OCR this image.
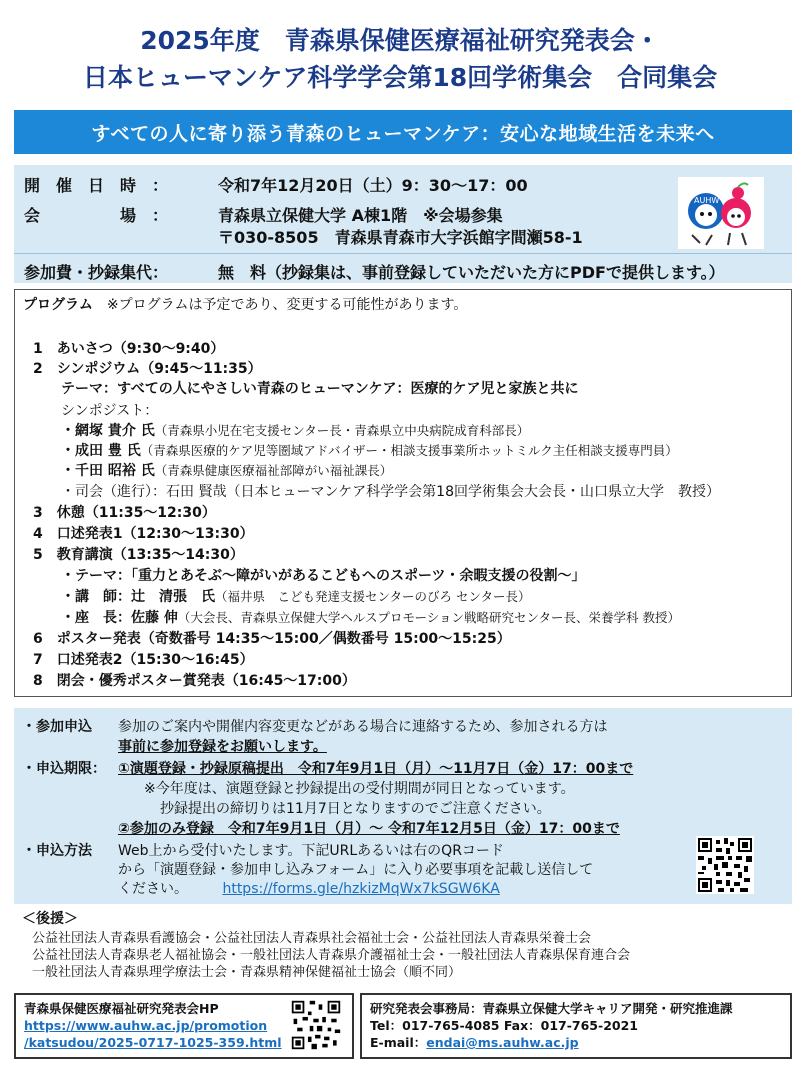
2025年度　青森県保健医療福祉研究発表会・
日本ヒューマンケア科学学会第18回学術集会　合同集会
すべての人に寄り添う青森のヒューマンケア：安心な地域生活を未来へ
開　催　日　時　：	令和7年12月20日（土）9：30～17：00
会　　　　　場　：	青森県立保健大学 A棟1階　※会場参集
〒030-8505　青森県青森市大字浜館字間瀬58-1
参加費・抄録集代：	無　料（抄録集は、事前登録していただいた方にPDFで提供します。）
AUHW
プログラム　 ※プログラムは予定であり、変更する可能性があります。
1　あいさつ（9:30～9:40）
2　シンポジウム（9:45～11:35）
テーマ：すべての人にやさしい青森のヒューマンケア：医療的ケア児と家族と共に
シンポジスト：
・網塚 貴介 氏（青森県小児在宅支援センター長・青森県立中央病院成育科部長）
・成田 豊 氏（青森県医療的ケア児等圏域アドバイザー・相談支援事業所ホットミルク主任相談支援専門員）
・千田 昭裕 氏（青森県健康医療福祉部障がい福祉課長）
・司会（進行）：石田 賢哉（日本ヒューマンケア科学学会第18回学術集会大会長・山口県立大学　教授）
3　休憩（11:35～12:30）
4　口述発表1（12:30～13:30）
5　教育講演（13:35～14:30）
・テーマ：「重力とあそぶ～障がいがあるこどもへのスポーツ・余暇支援の役割～」
・講　師：辻　清張　氏（福井県　こども発達支援センターのびろ センター長）
・座　長：佐藤 伸（大会長、青森県立保健大学ヘルスプロモーション戦略研究センター長、栄養学科 教授）
6　ポスター発表（奇数番号 14:35～15:00／偶数番号 15:00～15:25）
7　口述発表2（15:30～16:45）
8　閉会・優秀ポスター賞発表（16:45～17:00）
・参加申込 参加のご案内や開催内容変更などがある場合に連絡するため、参加される方は
事前に参加登録をお願いします。
・申込期限： ①演題登録・抄録原稿提出　令和7年9月1日（月）～11月7日（金）17：00まで
※今年度は、演題登録と抄録提出の受付期間が同日となっています。
抄録提出の締切りは11月7日となりますのでご注意ください。
②参加のみ登録　令和7年9月1日（月）～ 令和7年12月5日（金）17：00まで
・申込方法 Web上から受付いたします。下記URLあるいは右のQRコード
から「演題登録・参加申し込みフォーム」に入り必要事項を記載し送信して
ください。 https://forms.gle/hzkizMqWx7kSGW6KA
＜後援＞
公益社団法人青森県看護協会・公益社団法人青森県社会福祉士会・公益社団法人青森県栄養士会
公益社団法人青森県老人福祉協会・一般社団法人青森県介護福祉士会・一般社団法人青森県保育連合会
一般社団法人青森県理学療法士会・青森県精神保健福祉士協会（順不同）
青森県保健医療福祉研究発表会HP
https://www.auhw.ac.jp/promotion
/katsudou/2025-0717-1025-359.html
研究発表会事務局：青森県立保健大学キャリア開発・研究推進課
Tel：017-765-4085 Fax：017-765-2021
E-mail：endai@ms.auhw.ac.jp
